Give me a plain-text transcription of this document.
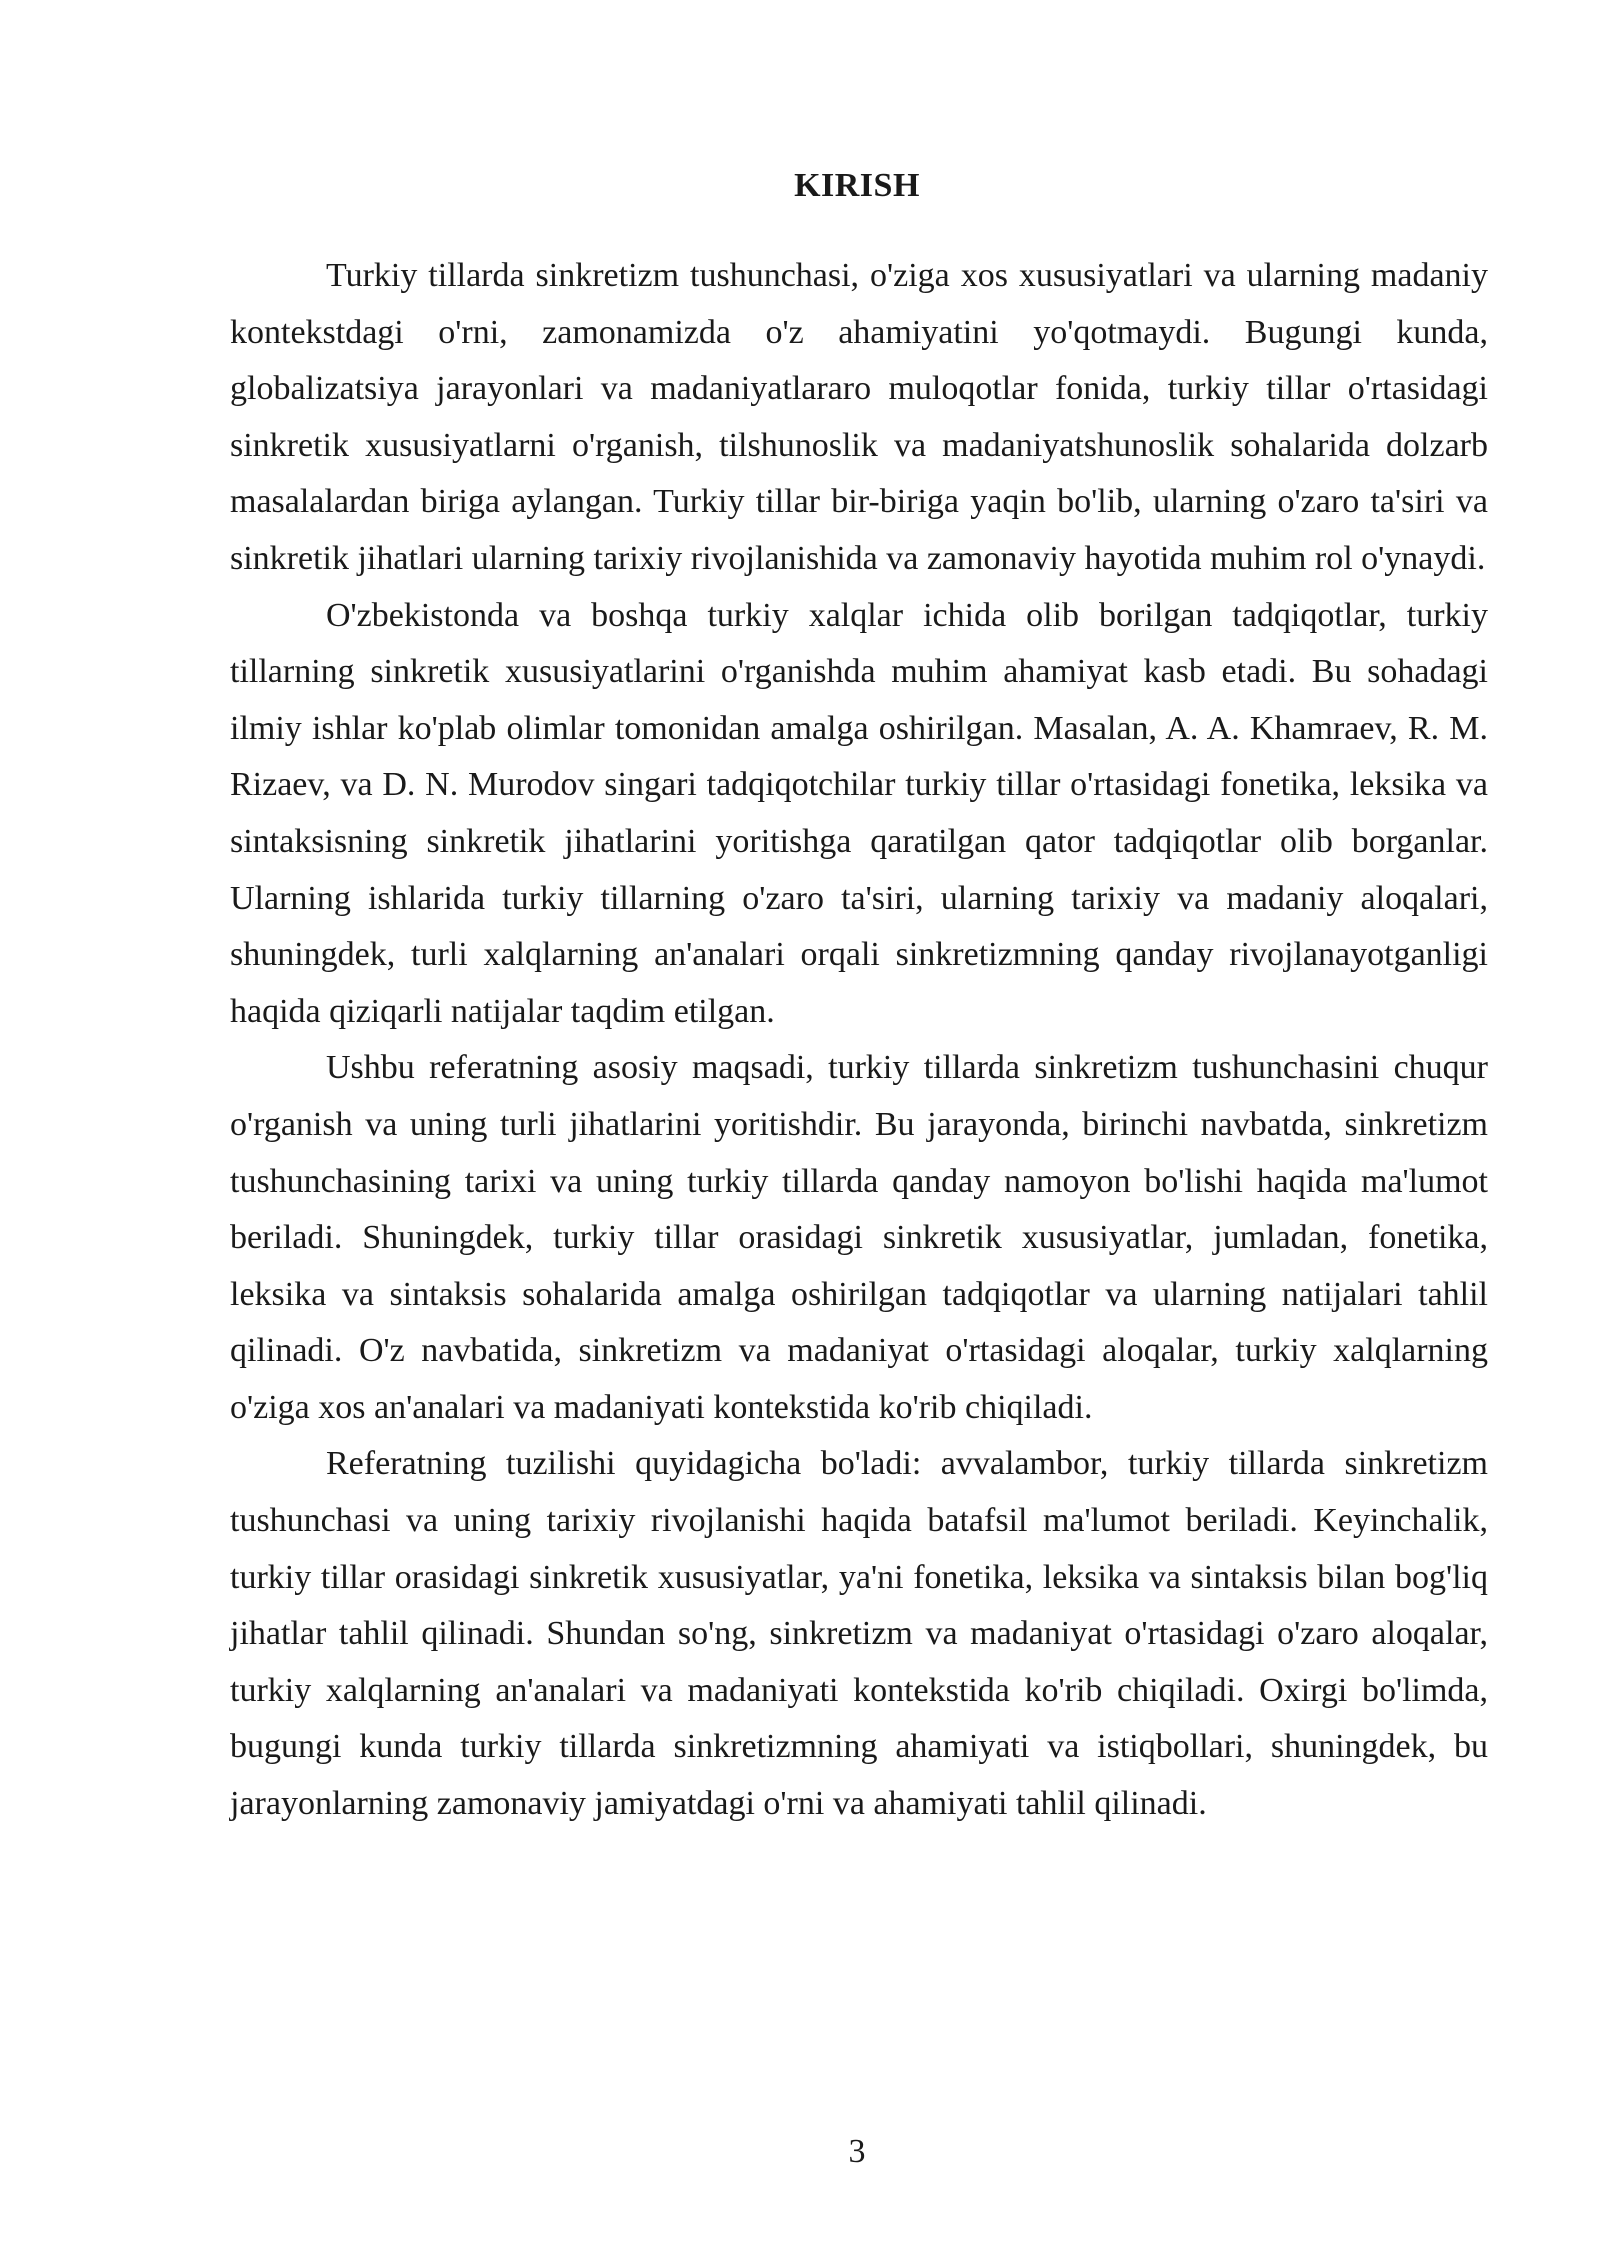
KIRISH

Turkiy tillarda sinkretizm tushunchasi, o'ziga xos xususiyatlari va ularning madaniy kontekstdagi o'rni, zamonamizda o'z ahamiyatini yo'qotmaydi. Bugungi kunda, globalizatsiya jarayonlari va madaniyatlararo muloqotlar fonida, turkiy tillar o'rtasidagi sinkretik xususiyatlarni o'rganish, tilshunoslik va madaniyatshunoslik sohalarida dolzarb masalalardan biriga aylangan. Turkiy tillar bir-biriga yaqin bo'lib, ularning o'zaro ta'siri va sinkretik jihatlari ularning tarixiy rivojlanishida va zamonaviy hayotida muhim rol o'ynaydi.

O'zbekistonda va boshqa turkiy xalqlar ichida olib borilgan tadqiqotlar, turkiy tillarning sinkretik xususiyatlarini o'rganishda muhim ahamiyat kasb etadi. Bu sohadagi ilmiy ishlar ko'plab olimlar tomonidan amalga oshirilgan. Masalan, A. A. Khamraev, R. M. Rizaev, va D. N. Murodov singari tadqiqotchilar turkiy tillar o'rtasidagi fonetika, leksika va sintaksisning sinkretik jihatlarini yoritishga qaratilgan qator tadqiqotlar olib borganlar. Ularning ishlarida turkiy tillarning o'zaro ta'siri, ularning tarixiy va madaniy aloqalari, shuningdek, turli xalqlarning an'analari orqali sinkretizmning qanday rivojlanayotganligi haqida qiziqarli natijalar taqdim etilgan.

Ushbu referatning asosiy maqsadi, turkiy tillarda sinkretizm tushunchasini chuqur o'rganish va uning turli jihatlarini yoritishdir. Bu jarayonda, birinchi navbatda, sinkretizm tushunchasining tarixi va uning turkiy tillarda qanday namoyon bo'lishi haqida ma'lumot beriladi. Shuningdek, turkiy tillar orasidagi sinkretik xususiyatlar, jumladan, fonetika, leksika va sintaksis sohalarida amalga oshirilgan tadqiqotlar va ularning natijalari tahlil qilinadi. O'z navbatida, sinkretizm va madaniyat o'rtasidagi aloqalar, turkiy xalqlarning o'ziga xos an'analari va madaniyati kontekstida ko'rib chiqiladi.

Referatning tuzilishi quyidagicha bo'ladi: avvalambor, turkiy tillarda sinkretizm tushunchasi va uning tarixiy rivojlanishi haqida batafsil ma'lumot beriladi. Keyinchalik, turkiy tillar orasidagi sinkretik xususiyatlar, ya'ni fonetika, leksika va sintaksis bilan bog'liq jihatlar tahlil qilinadi. Shundan so'ng, sinkretizm va madaniyat o'rtasidagi o'zaro aloqalar, turkiy xalqlarning an'analari va madaniyati kontekstida ko'rib chiqiladi. Oxirgi bo'limda, bugungi kunda turkiy tillarda sinkretizmning ahamiyati va istiqbollari, shuningdek, bu jarayonlarning zamonaviy jamiyatdagi o'rni va ahamiyati tahlil qilinadi.

3
